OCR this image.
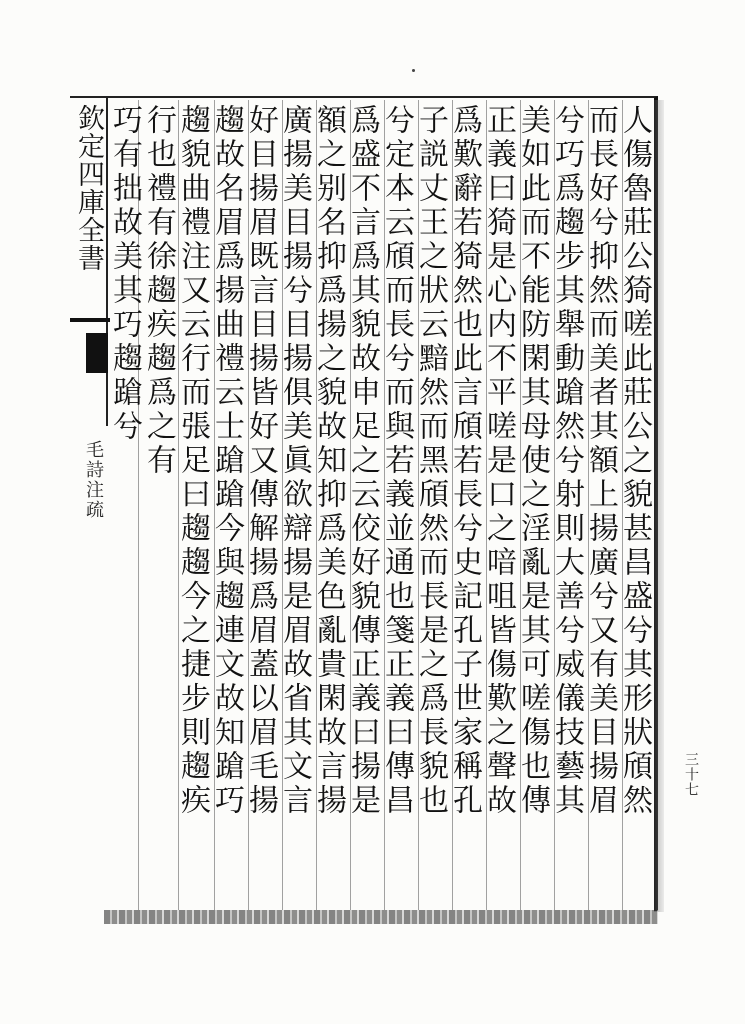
欽定四庫全書
毛詩注疏
三十七
人傷魯莊公猗嗟此莊公之貌甚昌盛兮其形狀頎然
而長好兮抑然而美者其額上揚廣兮又有美目揚眉
兮巧爲趨步其舉動蹌然兮射則大善兮威儀技藝其
美如此而不能防閑其母使之淫亂是其可嗟傷也傳
正義曰猗是心内不平嗟是口之喑咀皆傷歎之聲故
爲歎辭若猗然也此言頎若長兮史記孔子世家稱孔
子説丈王之狀云黯然而黑頎然而長是之爲長貌也
兮定本云頎而長兮而與若義並通也箋正義曰傳昌
爲盛不言爲其貌故申足之云佼好貌傳正義曰揚是
額之别名抑爲揚之貌故知抑爲美色亂貴閑故言揚
廣揚美目揚兮目揚俱美眞欲辯揚是眉故省其文言
好目揚眉既言目揚皆好又傳解揚爲眉蓋以眉毛揚
趨故名眉爲揚曲禮云士蹌蹌今與趨連文故知蹌巧
趨貌曲禮注又云行而張足曰趨趨今之捷步則趨疾
行也禮有徐趨疾趨爲之有
巧有拙故美其巧趨蹌兮
